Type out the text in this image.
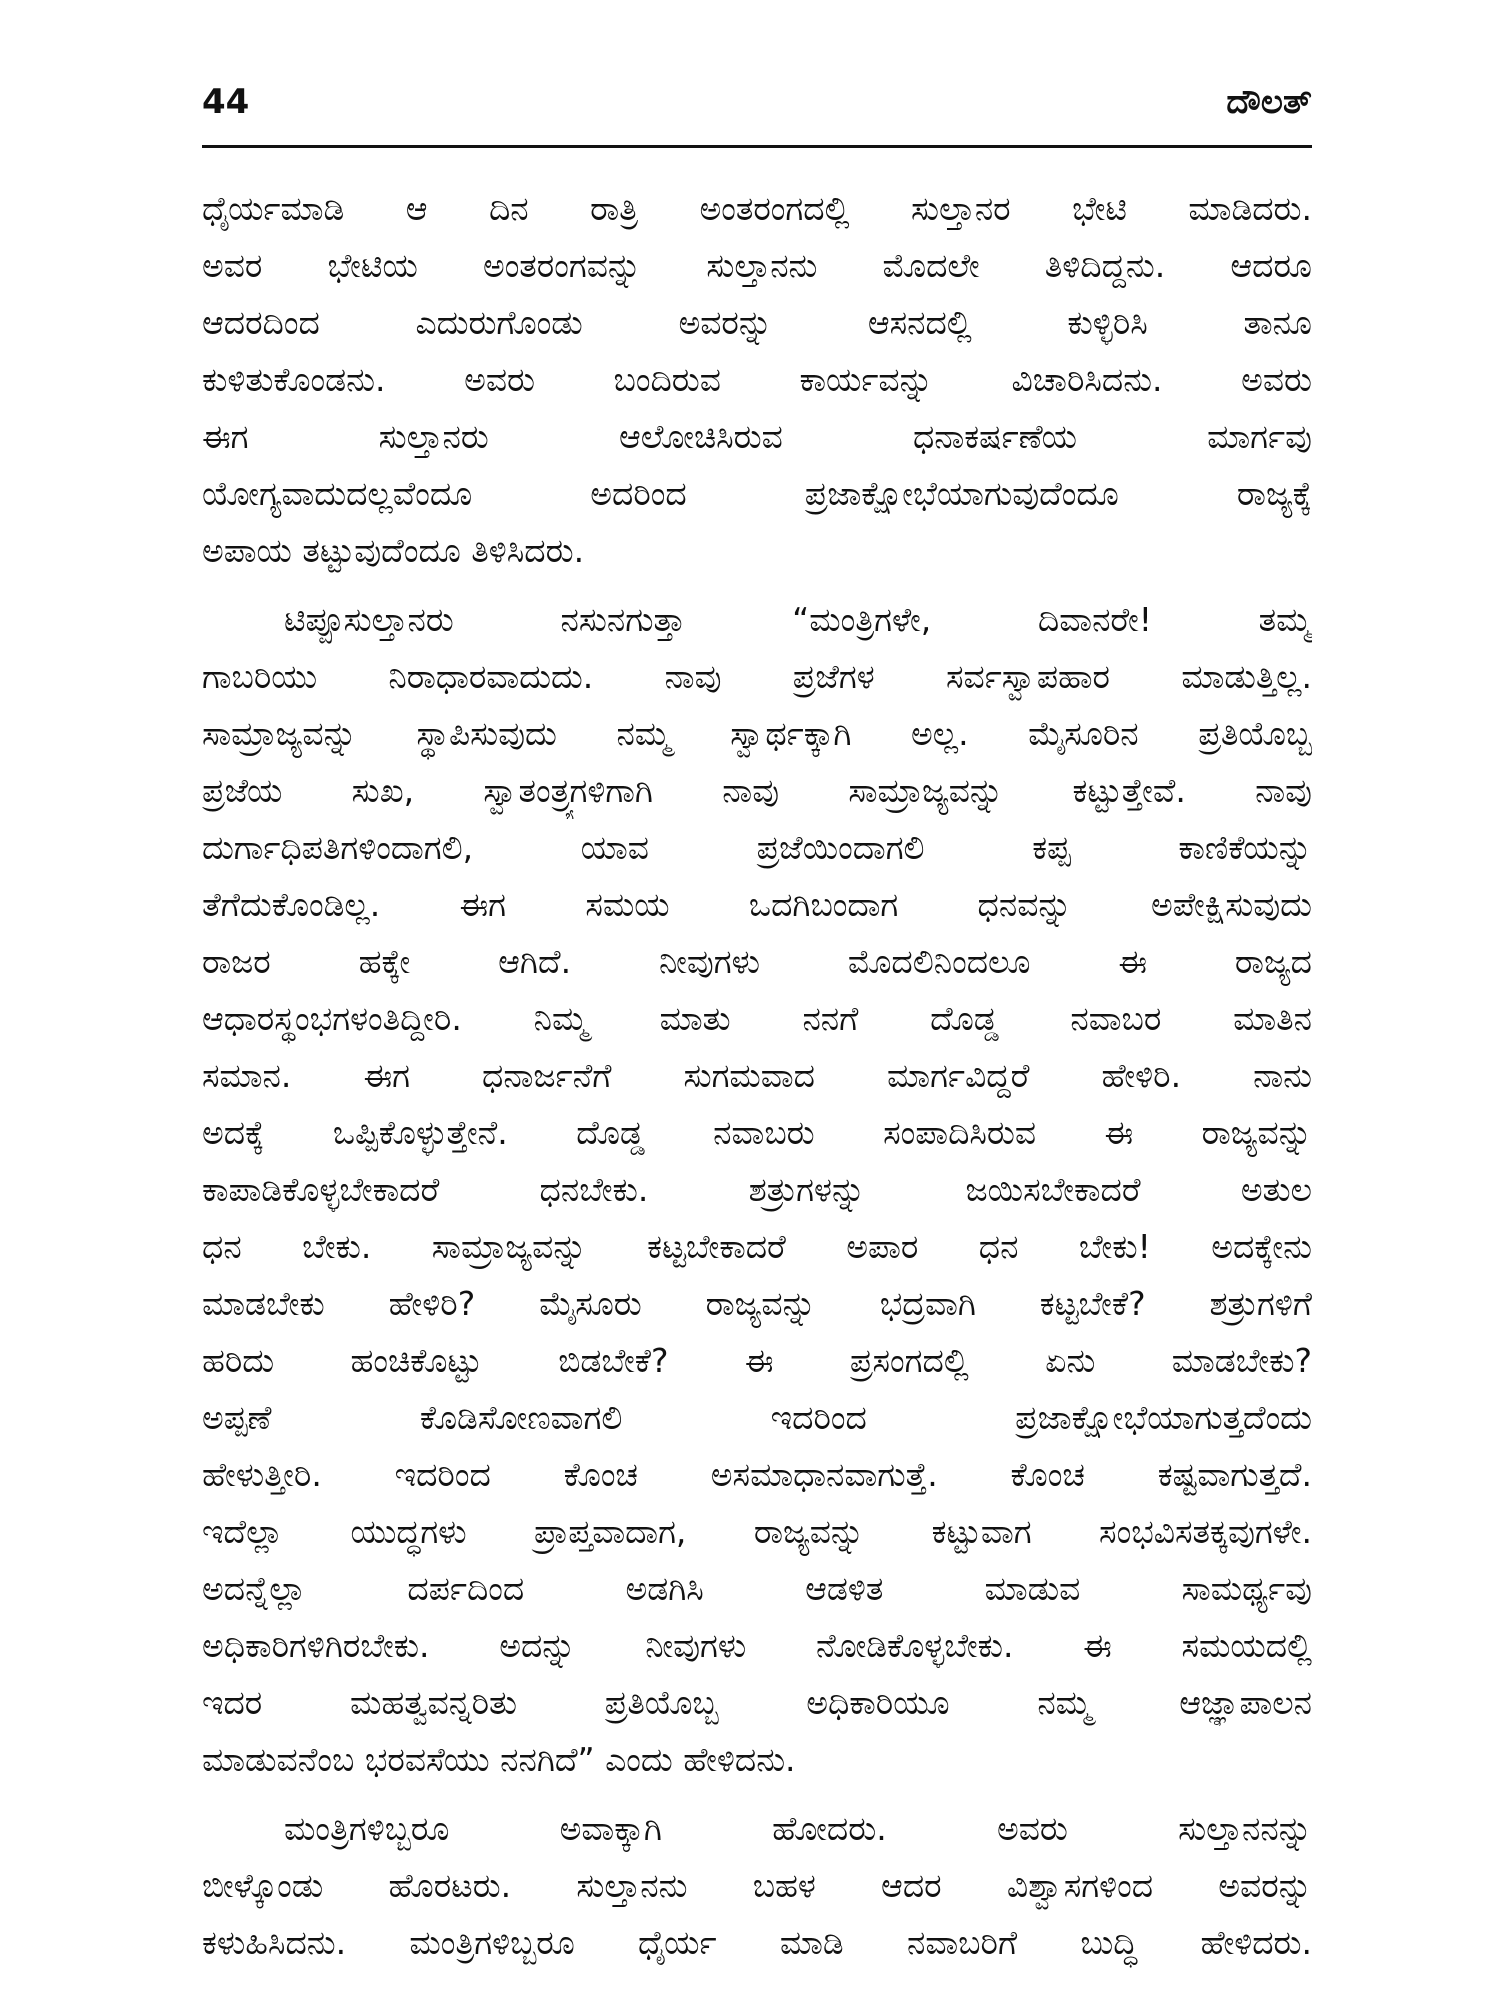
44	ದೌಲತ್
ಧೈರ್ಯಮಾಡಿ ಆ ದಿನ ರಾತ್ರಿ ಅಂತರಂಗದಲ್ಲಿ ಸುಲ್ತಾನರ ಭೇಟಿ ಮಾಡಿದರು.
ಅವರ ಭೇಟಿಯ ಅಂತರಂಗವನ್ನು ಸುಲ್ತಾನನು ಮೊದಲೇ ತಿಳಿದಿದ್ದನು. ಆದರೂ
ಆದರದಿಂದ ಎದುರುಗೊಂಡು ಅವರನ್ನು ಆಸನದಲ್ಲಿ ಕುಳ್ಳಿರಿಸಿ ತಾನೂ
ಕುಳಿತುಕೊಂಡನು. ಅವರು ಬಂದಿರುವ ಕಾರ್ಯವನ್ನು ವಿಚಾರಿಸಿದನು. ಅವರು
ಈಗ ಸುಲ್ತಾನರು ಆಲೋಚಿಸಿರುವ ಧನಾಕರ್ಷಣೆಯ ಮಾರ್ಗವು
ಯೋಗ್ಯವಾದುದಲ್ಲವೆಂದೂ ಅದರಿಂದ ಪ್ರಜಾಕ್ಷೋಭೆಯಾಗುವುದೆಂದೂ ರಾಜ್ಯಕ್ಕೆ
ಅಪಾಯ ತಟ್ಟುವುದೆಂದೂ ತಿಳಿಸಿದರು.
ಟಿಪ್ಪೂಸುಲ್ತಾನರು ನಸುನಗುತ್ತಾ “ಮಂತ್ರಿಗಳೇ, ದಿವಾನರೇ! ತಮ್ಮ
ಗಾಬರಿಯು ನಿರಾಧಾರವಾದುದು. ನಾವು ಪ್ರಜೆಗಳ ಸರ್ವಸ್ವಾಪಹಾರ ಮಾಡುತ್ತಿಲ್ಲ.
ಸಾಮ್ರಾಜ್ಯವನ್ನು ಸ್ಥಾಪಿಸುವುದು ನಮ್ಮ ಸ್ವಾರ್ಥಕ್ಕಾಗಿ ಅಲ್ಲ. ಮೈಸೂರಿನ ಪ್ರತಿಯೊಬ್ಬ
ಪ್ರಜೆಯ ಸುಖ, ಸ್ವಾತಂತ್ರ್ಯಗಳಿಗಾಗಿ ನಾವು ಸಾಮ್ರಾಜ್ಯವನ್ನು ಕಟ್ಟುತ್ತೇವೆ. ನಾವು
ದುರ್ಗಾಧಿಪತಿಗಳಿಂದಾಗಲಿ, ಯಾವ ಪ್ರಜೆಯಿಂದಾಗಲಿ ಕಪ್ಪ ಕಾಣಿಕೆಯನ್ನು
ತೆಗೆದುಕೊಂಡಿಲ್ಲ. ಈಗ ಸಮಯ ಒದಗಿಬಂದಾಗ ಧನವನ್ನು ಅಪೇಕ್ಷಿಸುವುದು
ರಾಜರ ಹಕ್ಕೇ ಆಗಿದೆ. ನೀವುಗಳು ಮೊದಲಿನಿಂದಲೂ ಈ ರಾಜ್ಯದ
ಆಧಾರಸ್ಥಂಭಗಳಂತಿದ್ದೀರಿ. ನಿಮ್ಮ ಮಾತು ನನಗೆ ದೊಡ್ಡ ನವಾಬರ ಮಾತಿನ
ಸಮಾನ. ಈಗ ಧನಾರ್ಜನೆಗೆ ಸುಗಮವಾದ ಮಾರ್ಗವಿದ್ದರೆ ಹೇಳಿರಿ. ನಾನು
ಅದಕ್ಕೆ ಒಪ್ಪಿಕೊಳ್ಳುತ್ತೇನೆ. ದೊಡ್ಡ ನವಾಬರು ಸಂಪಾದಿಸಿರುವ ಈ ರಾಜ್ಯವನ್ನು
ಕಾಪಾಡಿಕೊಳ್ಳಬೇಕಾದರೆ ಧನಬೇಕು. ಶತ್ರುಗಳನ್ನು ಜಯಿಸಬೇಕಾದರೆ ಅತುಲ
ಧನ ಬೇಕು. ಸಾಮ್ರಾಜ್ಯವನ್ನು ಕಟ್ಟಬೇಕಾದರೆ ಅಪಾರ ಧನ ಬೇಕು! ಅದಕ್ಕೇನು
ಮಾಡಬೇಕು ಹೇಳಿರಿ? ಮೈಸೂರು ರಾಜ್ಯವನ್ನು ಭದ್ರವಾಗಿ ಕಟ್ಟಬೇಕೆ? ಶತ್ರುಗಳಿಗೆ
ಹರಿದು ಹಂಚಿಕೊಟ್ಟು ಬಿಡಬೇಕೆ? ಈ ಪ್ರಸಂಗದಲ್ಲಿ ಏನು ಮಾಡಬೇಕು?
ಅಪ್ಪಣೆ ಕೊಡಿಸೋಣವಾಗಲಿ ಇದರಿಂದ ಪ್ರಜಾಕ್ಷೋಭೆಯಾಗುತ್ತದೆಂದು
ಹೇಳುತ್ತೀರಿ. ಇದರಿಂದ ಕೊಂಚ ಅಸಮಾಧಾನವಾಗುತ್ತೆ. ಕೊಂಚ ಕಷ್ಟವಾಗುತ್ತದೆ.
ಇದೆಲ್ಲಾ ಯುದ್ಧಗಳು ಪ್ರಾಪ್ತವಾದಾಗ, ರಾಜ್ಯವನ್ನು ಕಟ್ಟುವಾಗ ಸಂಭವಿಸತಕ್ಕವುಗಳೇ.
ಅದನ್ನೆಲ್ಲಾ ದರ್ಪದಿಂದ ಅಡಗಿಸಿ ಆಡಳಿತ ಮಾಡುವ ಸಾಮರ್ಥ್ಯವು
ಅಧಿಕಾರಿಗಳಿಗಿರಬೇಕು. ಅದನ್ನು ನೀವುಗಳು ನೋಡಿಕೊಳ್ಳಬೇಕು. ಈ ಸಮಯದಲ್ಲಿ
ಇದರ ಮಹತ್ವವನ್ನರಿತು ಪ್ರತಿಯೊಬ್ಬ ಅಧಿಕಾರಿಯೂ ನಮ್ಮ ಆಜ್ಞಾಪಾಲನ
ಮಾಡುವನೆಂಬ ಭರವಸೆಯು ನನಗಿದೆ” ಎಂದು ಹೇಳಿದನು.
ಮಂತ್ರಿಗಳಿಬ್ಬರೂ ಅವಾಕ್ಕಾಗಿ ಹೋದರು. ಅವರು ಸುಲ್ತಾನನನ್ನು
ಬೀಳ್ಕೊಂಡು ಹೊರಟರು. ಸುಲ್ತಾನನು ಬಹಳ ಆದರ ವಿಶ್ವಾಸಗಳಿಂದ ಅವರನ್ನು
ಕಳುಹಿಸಿದನು. ಮಂತ್ರಿಗಳಿಬ್ಬರೂ ಧೈರ್ಯ ಮಾಡಿ ನವಾಬರಿಗೆ ಬುದ್ಧಿ ಹೇಳಿದರು.
